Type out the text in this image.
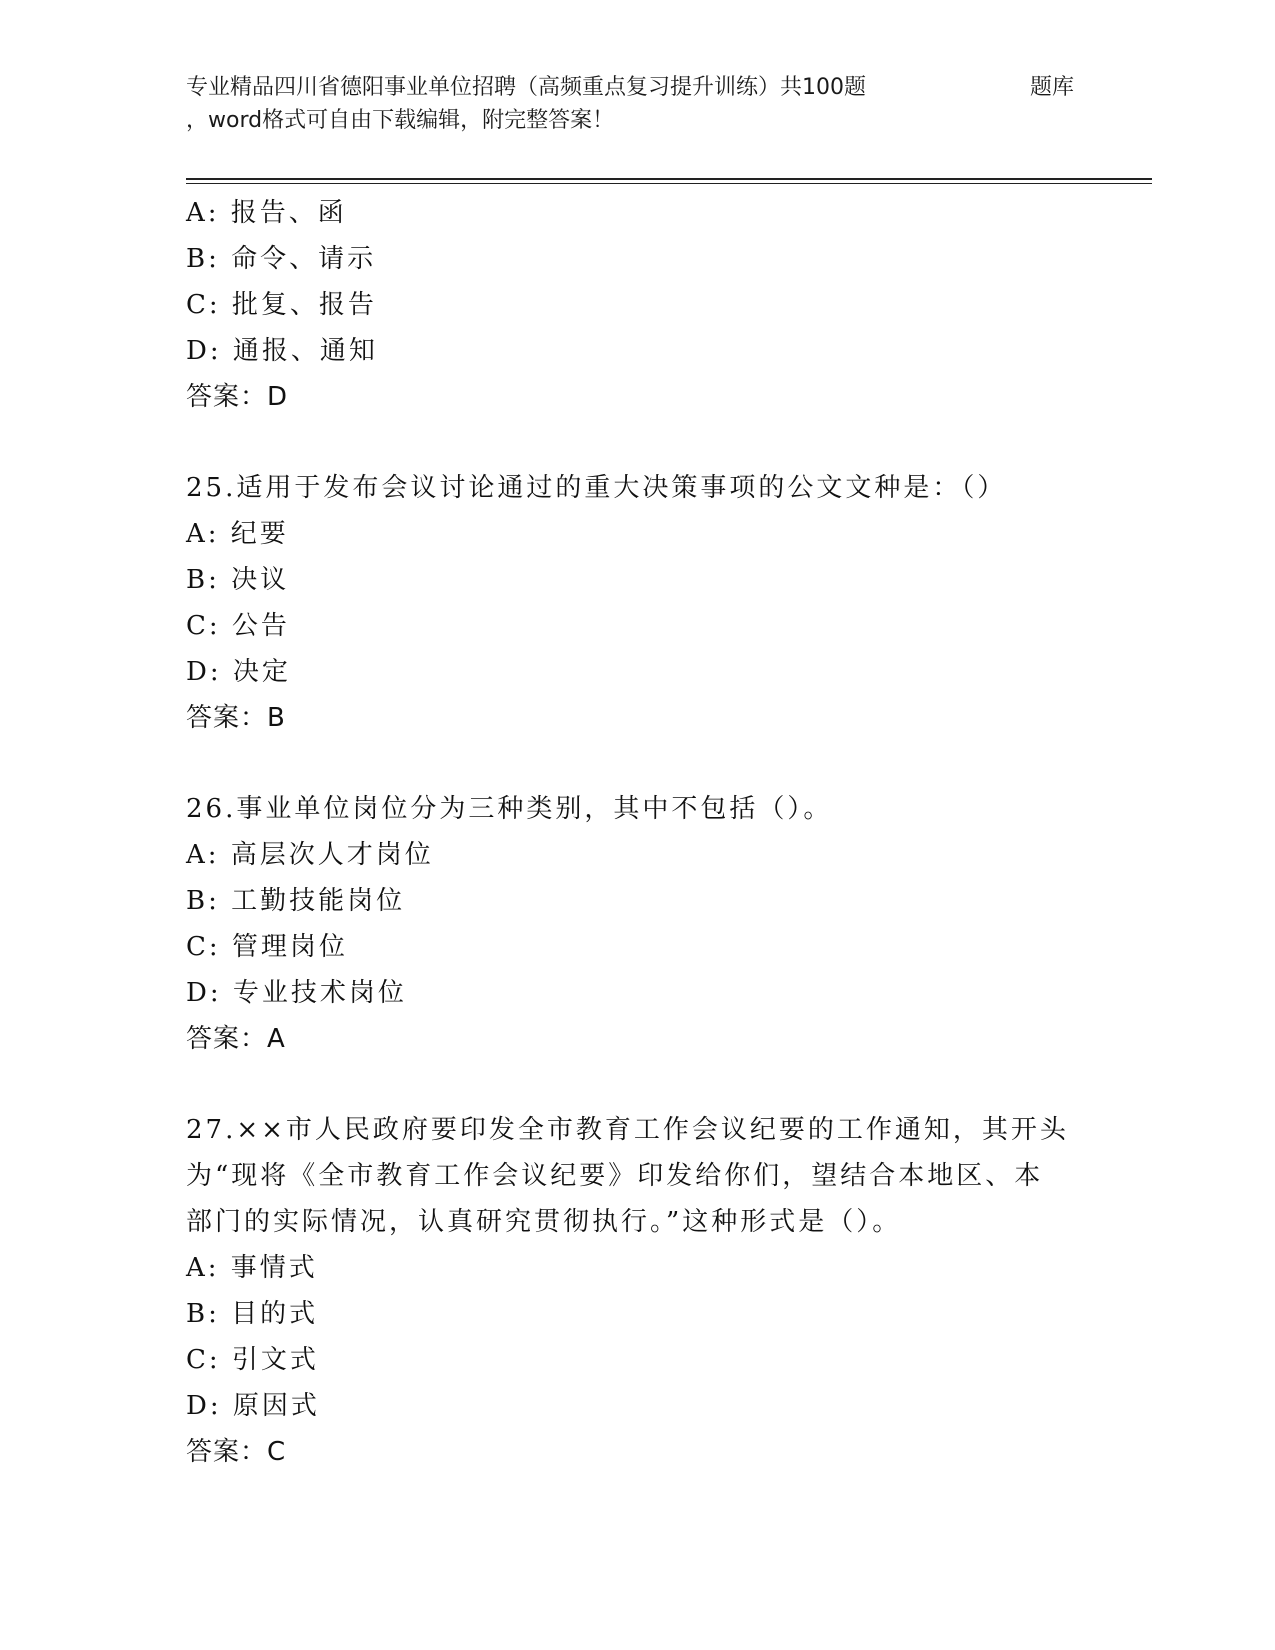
专业精品四川省德阳事业单位招聘（高频重点复习提升训练）共100题	题库
，word格式可自由下载编辑，附完整答案！
A: 报告、函
B: 命令、请示
C: 批复、报告
D: 通报、通知
答案：D
25.适用于发布会议讨论通过的重大决策事项的公文文种是：（）
A: 纪要
B: 决议
C: 公告
D: 决定
答案：B
26.事业单位岗位分为三种类别，其中不包括（）。
A: 高层次人才岗位
B: 工勤技能岗位
C: 管理岗位
D: 专业技术岗位
答案：A
27.××市人民政府要印发全市教育工作会议纪要的工作通知，其开头
为“现将《全市教育工作会议纪要》印发给你们，望结合本地区、本
部门的实际情况，认真研究贯彻执行。”这种形式是（）。
A: 事情式
B: 目的式
C: 引文式
D: 原因式
答案：C
